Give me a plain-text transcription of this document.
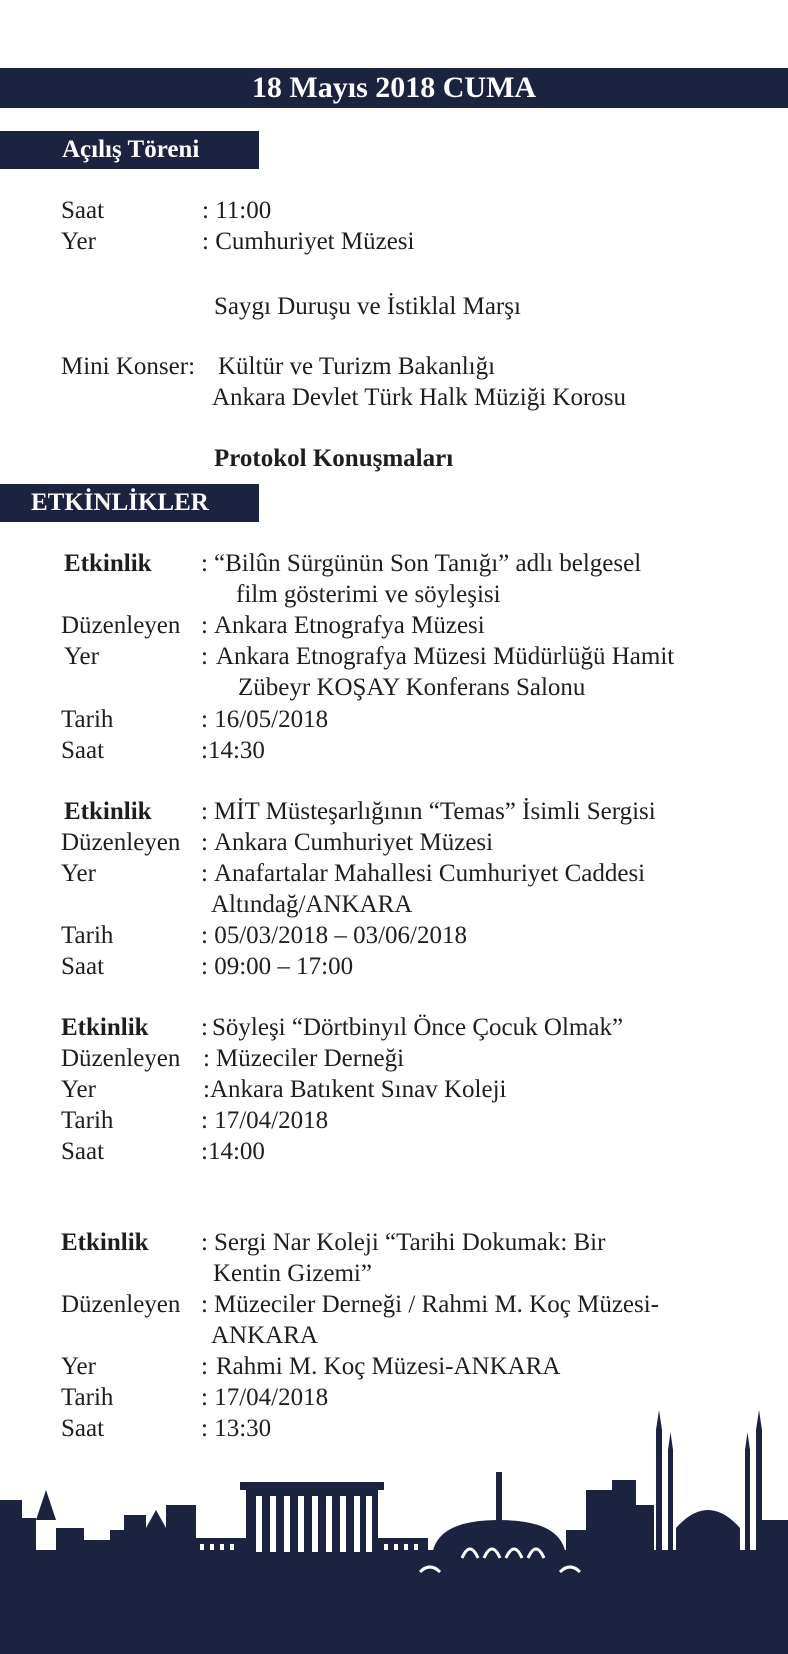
18 Mayıs 2018 CUMA
Açılış Töreni
Saat	: 11:00
Yer	: Cumhuriyet Müzesi
Saygı Duruşu ve İstiklal Marşı
Mini Konser: Kültür ve Turizm Bakanlığı
Ankara Devlet Türk Halk Müziği Korosu
Protokol Konuşmaları
ETKİNLİKLER
Etkinlik : “Bilûn Sürgünün Son Tanığı” adlı belgesel
film gösterimi ve söyleşisi
Düzenleyen : Ankara Etnografya Müzesi
Yer	: Ankara Etnografya Müzesi Müdürlüğü Hamit
Zübeyr KOŞAY Konferans Salonu
Tarih	: 16/05/2018
Saat	:14:30
Etkinlik : MİT Müsteşarlığının “Temas” İsimli Sergisi
Düzenleyen : Ankara Cumhuriyet Müzesi
Yer	: Anafartalar Mahallesi Cumhuriyet Caddesi
Altındağ/ANKARA
Tarih	: 05/03/2018 – 03/06/2018
Saat	: 09:00 – 17:00
Etkinlik : Söyleşi “Dörtbinyıl Önce Çocuk Olmak”
Düzenleyen : Müzeciler Derneği
Yer	: Ankara Batıkent Sınav Koleji
Tarih	: 17/04/2018
Saat	:14:00
Etkinlik : Sergi Nar Koleji “Tarihi Dokumak: Bir
Kentin Gizemi”
Düzenleyen : Müzeciler Derneği / Rahmi M. Koç Müzesi-
ANKARA
Yer	: Rahmi M. Koç Müzesi-ANKARA
Tarih	: 17/04/2018
Saat	: 13:30
